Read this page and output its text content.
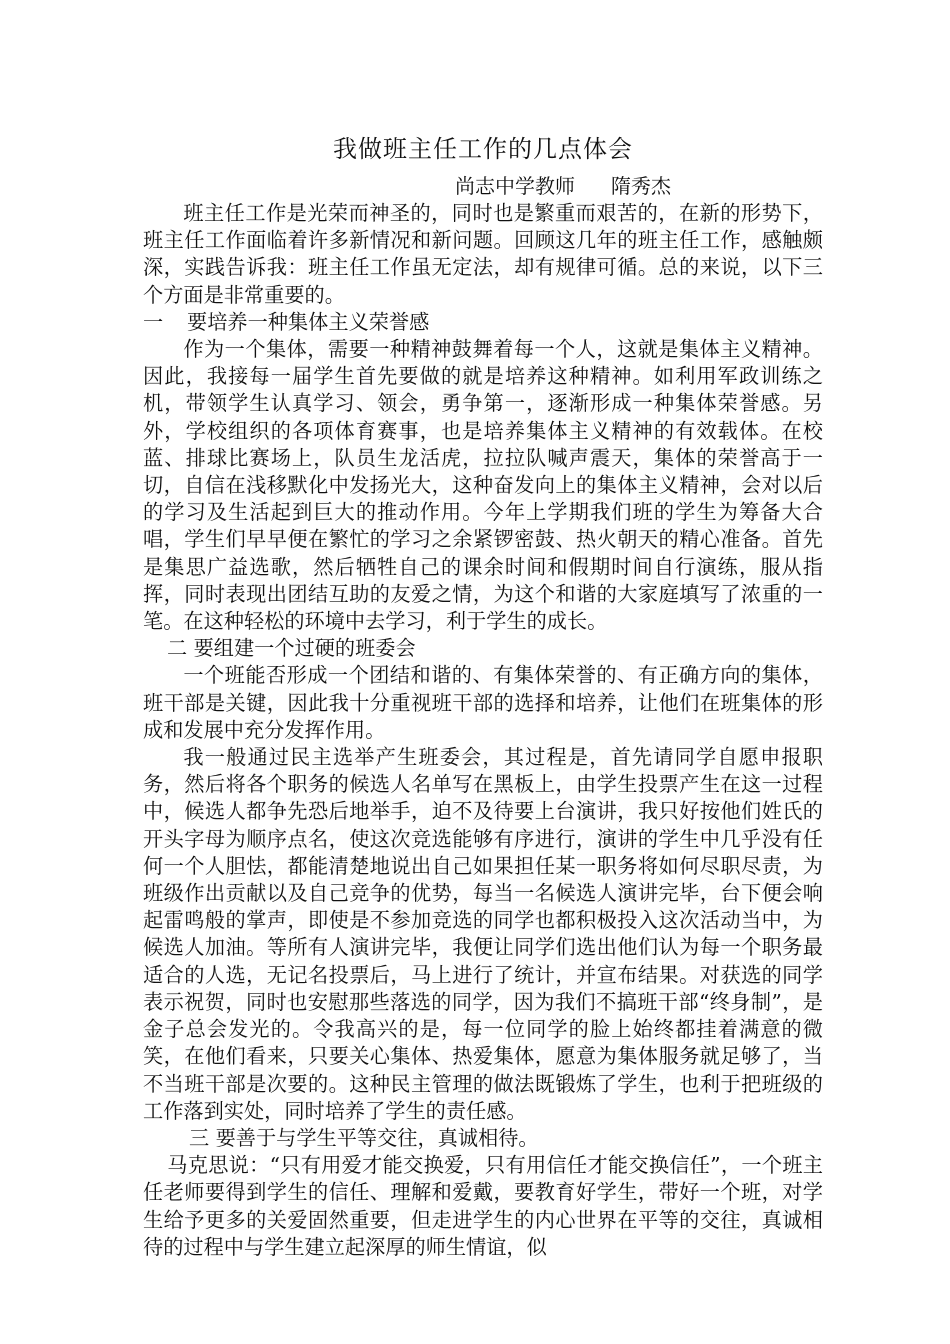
我做班主任工作的几点体会

尚志中学教师 隋秀杰

班主任工作是光荣而神圣的，同时也是繁重而艰苦的，在新的形势下，班主任工作面临着许多新情况和新问题。回顾这几年的班主任工作，感触颇深，实践告诉我：班主任工作虽无定法，却有规律可循。总的来说，以下三个方面是非常重要的。

一 要培养一种集体主义荣誉感

作为一个集体，需要一种精神鼓舞着每一个人，这就是集体主义精神。因此，我接每一届学生首先要做的就是培养这种精神。如利用军政训练之机，带领学生认真学习、领会，勇争第一，逐渐形成一种集体荣誉感。另外，学校组织的各项体育赛事，也是培养集体主义精神的有效载体。在校蓝、排球比赛场上，队员生龙活虎，拉拉队喊声震天，集体的荣誉高于一切，自信在浅移默化中发扬光大，这种奋发向上的集体主义精神，会对以后的学习及生活起到巨大的推动作用。今年上学期我们班的学生为筹备大合唱，学生们早早便在繁忙的学习之余紧锣密鼓、热火朝天的精心准备。首先是集思广益选歌，然后牺牲自己的课余时间和假期时间自行演练，服从指挥，同时表现出团结互助的友爱之情，为这个和谐的大家庭填写了浓重的一笔。在这种轻松的环境中去学习，利于学生的成长。

二 要组建一个过硬的班委会

一个班能否形成一个团结和谐的、有集体荣誉的、有正确方向的集体，班干部是关键，因此我十分重视班干部的选择和培养，让他们在班集体的形成和发展中充分发挥作用。

我一般通过民主选举产生班委会，其过程是，首先请同学自愿申报职务，然后将各个职务的候选人名单写在黑板上，由学生投票产生在这一过程中，候选人都争先恐后地举手，迫不及待要上台演讲，我只好按他们姓氏的开头字母为顺序点名，使这次竞选能够有序进行，演讲的学生中几乎没有任何一个人胆怯，都能清楚地说出自己如果担任某一职务将如何尽职尽责，为班级作出贡献以及自己竞争的优势，每当一名候选人演讲完毕，台下便会响起雷鸣般的掌声，即使是不参加竞选的同学也都积极投入这次活动当中，为候选人加油。等所有人演讲完毕，我便让同学们选出他们认为每一个职务最适合的人选，无记名投票后，马上进行了统计，并宣布结果。对获选的同学表示祝贺，同时也安慰那些落选的同学，因为我们不搞班干部“终身制”，是金子总会发光的。令我高兴的是，每一位同学的脸上始终都挂着满意的微笑，在他们看来，只要关心集体、热爱集体，愿意为集体服务就足够了，当不当班干部是次要的。这种民主管理的做法既锻炼了学生，也利于把班级的工作落到实处，同时培养了学生的责任感。

三 要善于与学生平等交往，真诚相待。

马克思说：“只有用爱才能交换爱，只有用信任才能交换信任”，一个班主任老师要得到学生的信任、理解和爱戴，要教育好学生，带好一个班，对学生给予更多的关爱固然重要，但走进学生的内心世界在平等的交往，真诚相待的过程中与学生建立起深厚的师生情谊，似
